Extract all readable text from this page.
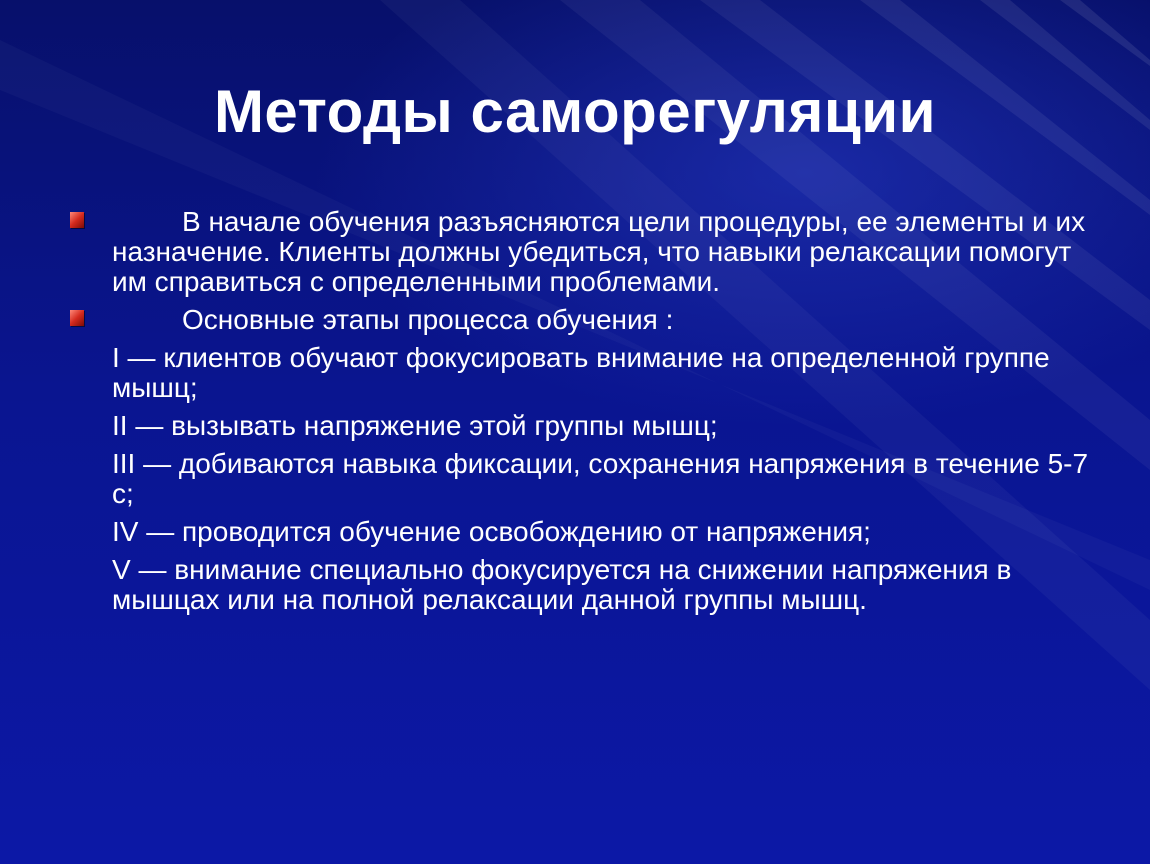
Методы саморегуляции
В начале обучения разъясняются цели процедуры, ее элементы и их назначение. Клиенты должны убедиться, что навыки релаксации помогут им справиться с определенными проблемами.
Основные этапы процесса обучения :
I — клиентов обучают фокусировать внимание на определенной группе мышц;
II — вызывать напряжение этой группы мышц;
III — добиваются навыка фиксации, сохранения напряжения в течение 5-7 с;
IV — проводится обучение освобождению от напряжения;
V — внимание специально фокусируется на снижении напряжения в мышцах или на полной релаксации данной группы мышц.
